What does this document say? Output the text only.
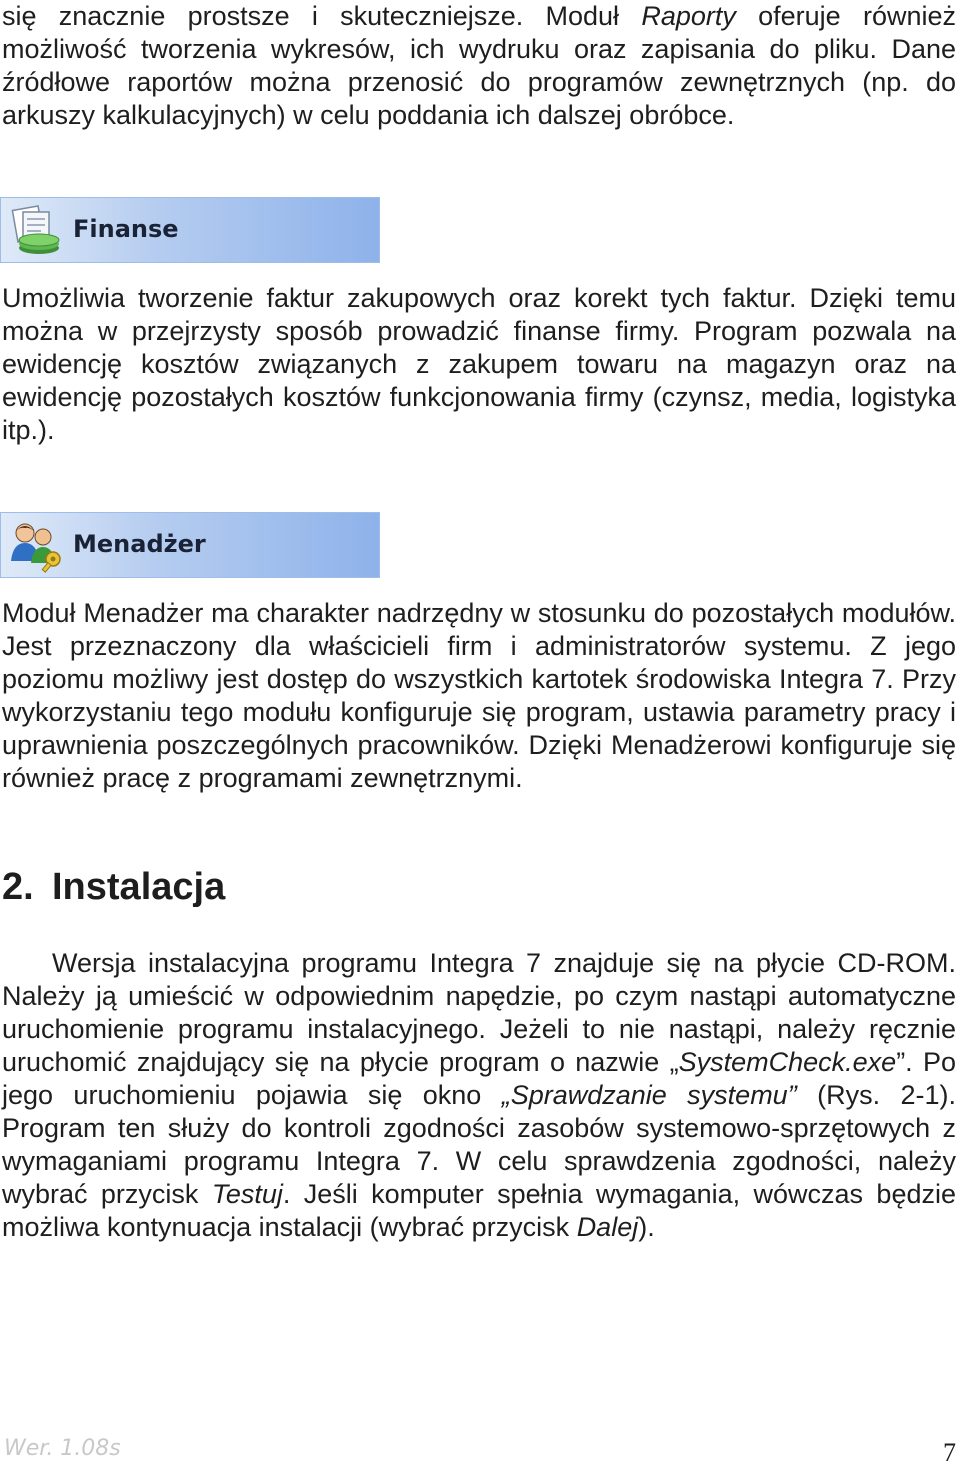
się znacznie prostsze i skuteczniejsze. Moduł Raporty oferuje również możliwość tworzenia wykresów, ich wydruku oraz zapisania do pliku. Dane źródłowe raportów można przenosić do programów zewnętrznych (np. do arkuszy kalkulacyjnych) w celu poddania ich dalszej obróbce.

Finanse

Umożliwia tworzenie faktur zakupowych oraz korekt tych faktur. Dzięki temu można w przejrzysty sposób prowadzić finanse firmy. Program pozwala na ewidencję kosztów związanych z zakupem towaru na magazyn oraz na ewidencję pozostałych kosztów funkcjonowania firmy (czynsz, media, logistyka itp.).

Menadżer

Moduł Menadżer ma charakter nadrzędny w stosunku do pozostałych modułów. Jest przeznaczony dla właścicieli firm i administratorów systemu. Z jego poziomu możliwy jest dostęp do wszystkich kartotek środowiska Integra 7. Przy wykorzystaniu tego modułu konfiguruje się program, ustawia parametry pracy i uprawnienia poszczególnych pracowników. Dzięki Menadżerowi konfiguruje się również pracę z programami zewnętrznymi.

2. Instalacja

Wersja instalacyjna programu Integra 7 znajduje się na płycie CD-ROM. Należy ją umieścić w odpowiednim napędzie, po czym nastąpi automatyczne uruchomienie programu instalacyjnego. Jeżeli to nie nastąpi, należy ręcznie uruchomić znajdujący się na płycie program o nazwie „SystemCheck.exe”. Po jego uruchomieniu pojawia się okno „Sprawdzanie systemu” (Rys. 2-1). Program ten służy do kontroli zgodności zasobów systemowo-sprzętowych z wymaganiami programu Integra 7. W celu sprawdzenia zgodności, należy wybrać przycisk Testuj. Jeśli komputer spełnia wymagania, wówczas będzie możliwa kontynuacja instalacji (wybrać przycisk Dalej).

Wer. 1.08s	7
